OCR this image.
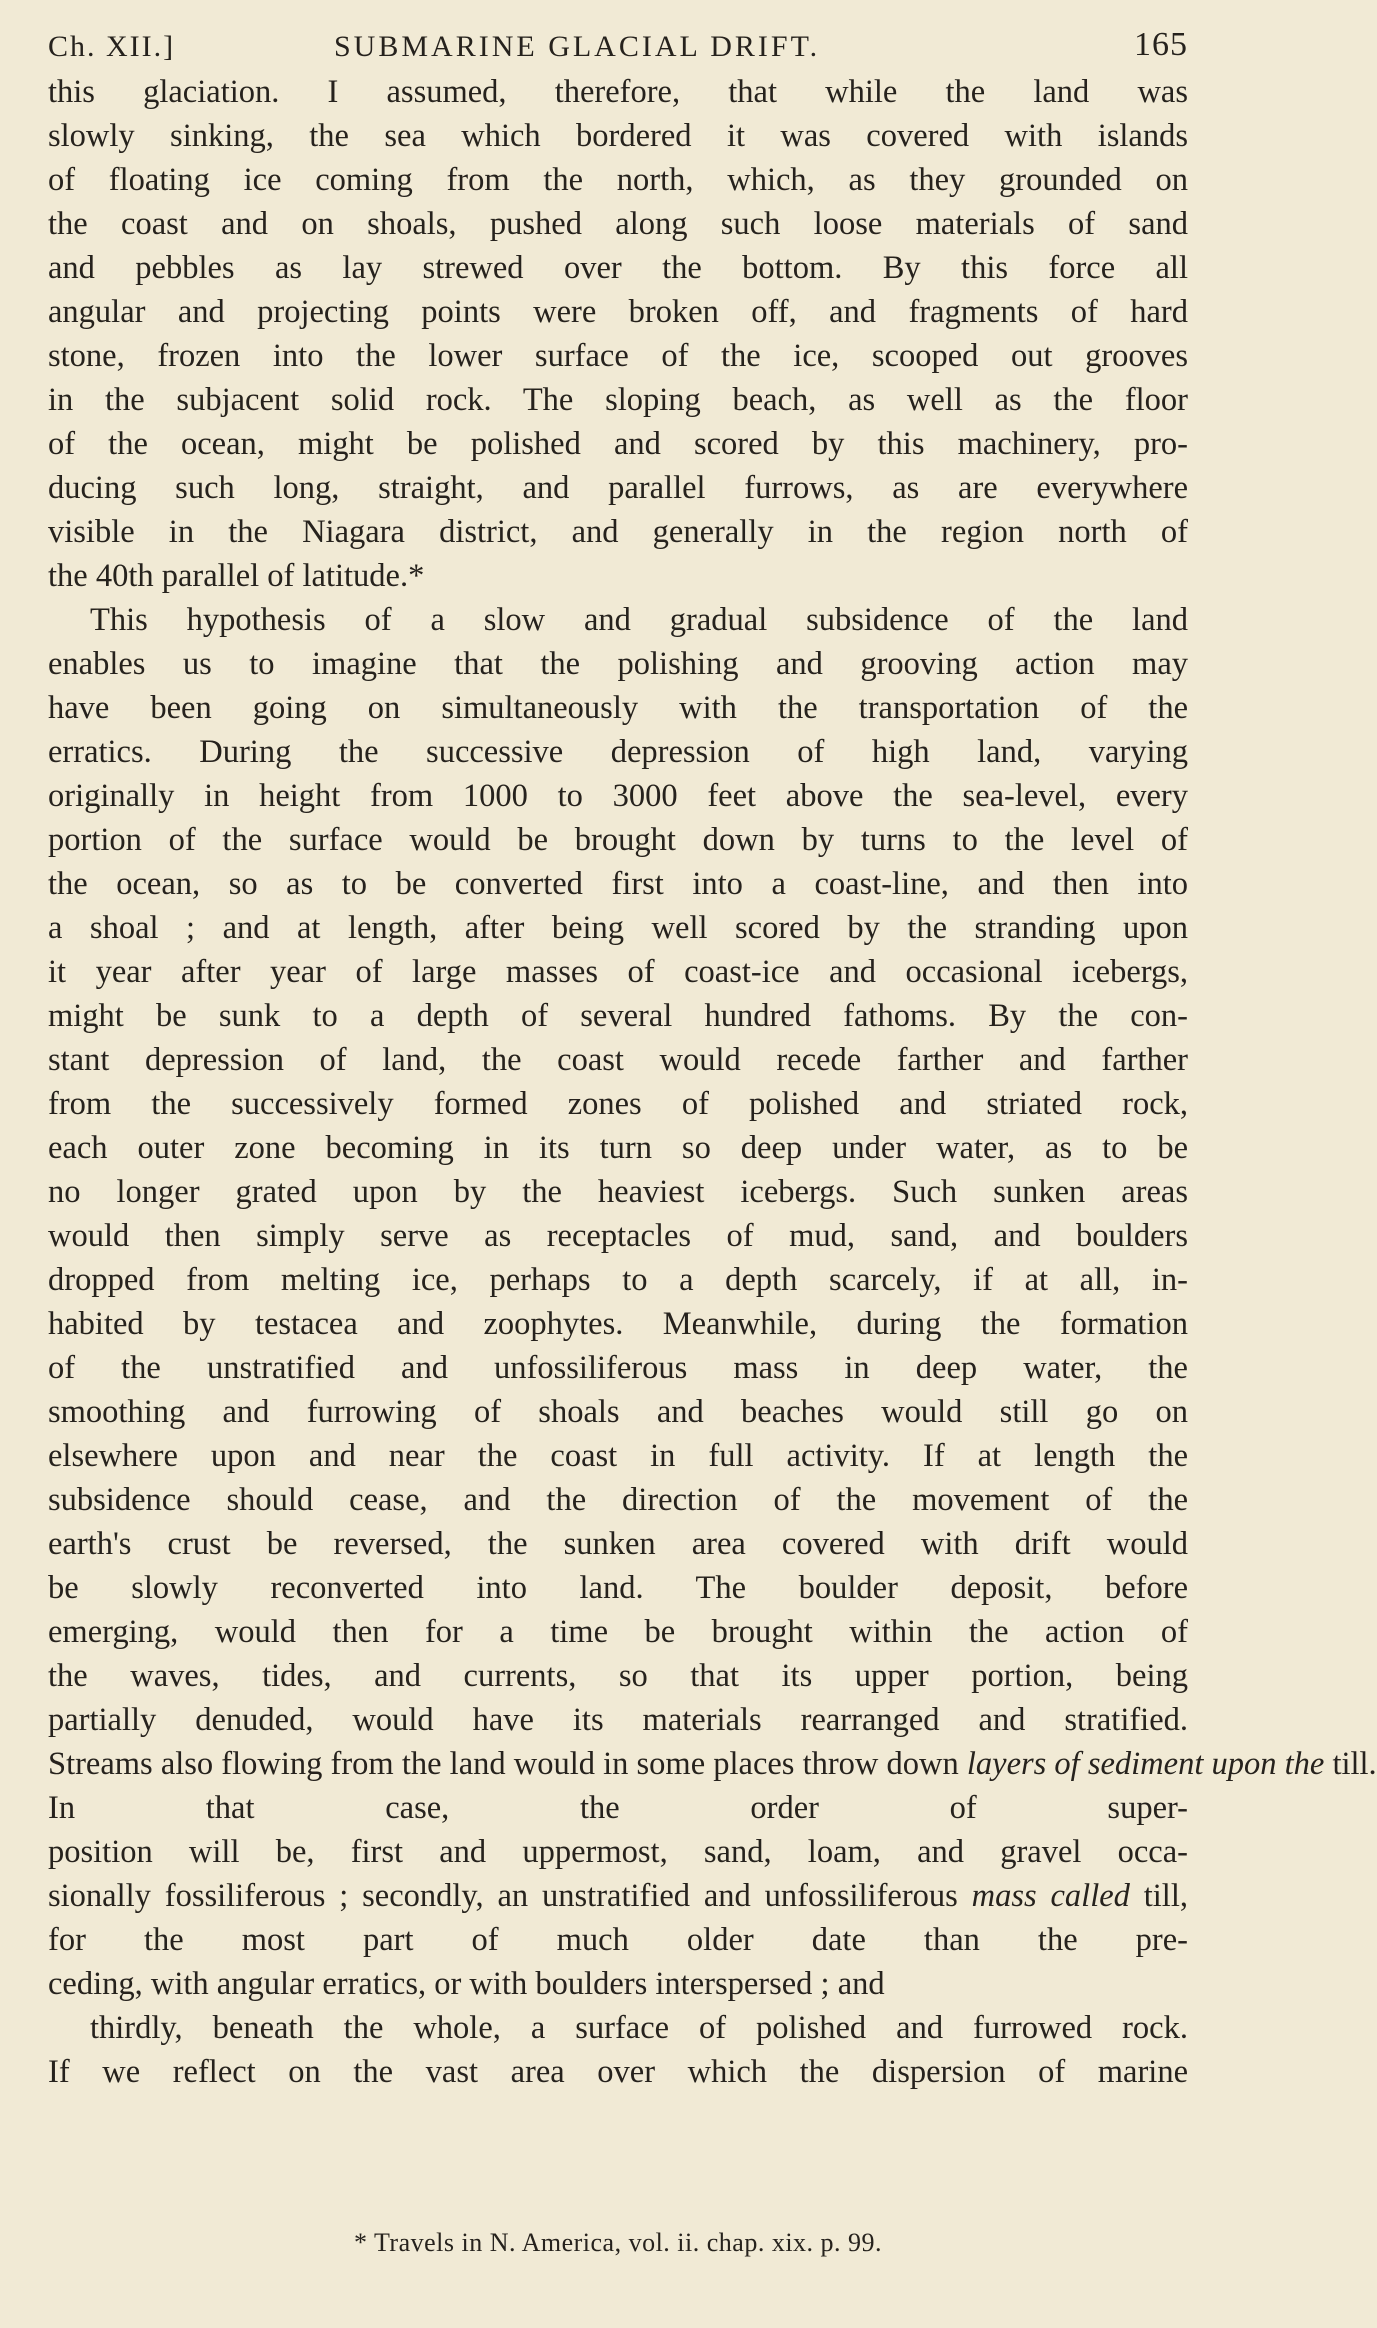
Ch. XII.]	SUBMARINE GLACIAL DRIFT.	165
this glaciation. I assumed, therefore, that while the land was
slowly sinking, the sea which bordered it was covered with islands
of floating ice coming from the north, which, as they grounded on
the coast and on shoals, pushed along such loose materials of sand
and pebbles as lay strewed over the bottom. By this force all
angular and projecting points were broken off, and fragments of hard
stone, frozen into the lower surface of the ice, scooped out grooves
in the subjacent solid rock. The sloping beach, as well as the floor
of the ocean, might be polished and scored by this machinery, pro-
ducing such long, straight, and parallel furrows, as are everywhere
visible in the Niagara district, and generally in the region north of
the 40th parallel of latitude.*
This hypothesis of a slow and gradual subsidence of the land
enables us to imagine that the polishing and grooving action may
have been going on simultaneously with the transportation of the
erratics. During the successive depression of high land, varying
originally in height from 1000 to 3000 feet above the sea-level, every
portion of the surface would be brought down by turns to the level of
the ocean, so as to be converted first into a coast-line, and then into
a shoal ; and at length, after being well scored by the stranding upon
it year after year of large masses of coast-ice and occasional icebergs,
might be sunk to a depth of several hundred fathoms. By the con-
stant depression of land, the coast would recede farther and farther
from the successively formed zones of polished and striated rock,
each outer zone becoming in its turn so deep under water, as to be
no longer grated upon by the heaviest icebergs. Such sunken areas
would then simply serve as receptacles of mud, sand, and boulders
dropped from melting ice, perhaps to a depth scarcely, if at all, in-
habited by testacea and zoophytes. Meanwhile, during the formation
of the unstratified and unfossiliferous mass in deep water, the
smoothing and furrowing of shoals and beaches would still go on
elsewhere upon and near the coast in full activity. If at length the
subsidence should cease, and the direction of the movement of the
earth's crust be reversed, the sunken area covered with drift would
be slowly reconverted into land. The boulder deposit, before
emerging, would then for a time be brought within the action of
the waves, tides, and currents, so that its upper portion, being
partially denuded, would have its materials rearranged and stratified.
Streams also flowing from the land would in some places throw down layers of sediment upon the till.
In that case, the order of super-
position will be, first and uppermost, sand, loam, and gravel occa-
sionally fossiliferous ; secondly, an unstratified and unfossiliferous mass called till,
for the most part of much older date than the pre-
ceding, with angular erratics, or with boulders interspersed ; and
thirdly, beneath the whole, a surface of polished and furrowed rock.
If we reflect on the vast area over which the dispersion of marine
* Travels in N. America, vol. ii. chap. xix. p. 99.
